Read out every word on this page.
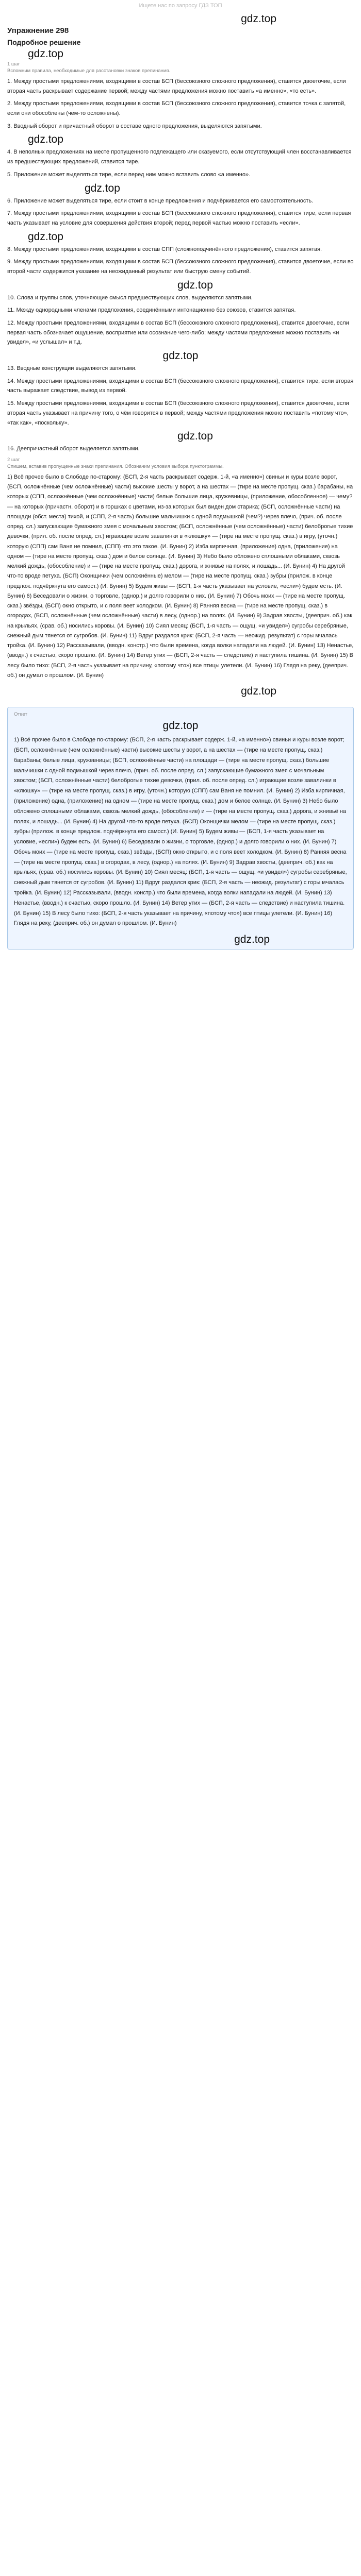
Ищете нас по запросу ГДЗ ТОП
gdz.top
Упражнение 298
Подробное решение
gdz.top
1 шаг
Вспомним правила, необходимые для расстановки знаков препинания.
1. Между простыми предложениями, входящими в состав БСП (бессоюзного сложного предложения), ставится двоеточие, если вторая часть раскрывает содержание первой; между частями предложения можно поставить «а именно», «то есть».
2. Между простыми предложениями, входящими в состав БСП (бессоюзного сложного предложения), ставится точка с запятой, если они обособлены (чем-то осложнены).
3. Вводный оборот и причастный оборот в составе одного предложения, выделяются запятыми.
gdz.top
4. В неполных предложениях на месте пропущенного подлежащего или сказуемого, если отсутствующий член восстанавливается из предшествующих предложений, ставится тире.
5. Приложение может выделяться тире, если перед ним можно вставить слово «а именно».
gdz.top
6. Приложение может выделяться тире, если стоит в конце предложения и подчёркивается его самостоятельность.
7. Между простыми предложениями, входящими в состав БСП (бессоюзного сложного предложения), ставится тире, если первая часть указывает на условие для совершения действия второй; перед первой частью можно поставить «если».
gdz.top
8. Между простыми предложениями, входящими в состав СПП (сложноподчинённого предложения), ставится запятая.
9. Между простыми предложениями, входящими в состав БСП (бессоюзного сложного предложения), ставится двоеточие, если во второй части содержится указание на неожиданный результат или быструю смену событий.
gdz.top
10. Слова и группы слов, уточняющие смысл предшествующих слов, выделяются запятыми.
11. Между однородными членами предложения, соединёнными интонационно без союзов, ставится запятая.
12. Между простыми предложениями, входящими в состав БСП (бессоюзного сложного предложения), ставится двоеточие, если первая часть обозначает ощущение, восприятие или осознание чего-либо; между частями предложения можно поставить «и увидел», «и услышал» и т.д.
gdz.top
13. Вводные конструкции выделяются запятыми.
14. Между простыми предложениями, входящими в состав БСП (бессоюзного сложного предложения), ставится тире, если вторая часть выражает следствие, вывод из первой.
15. Между простыми предложениями, входящими в состав БСП (бессоюзного сложного предложения), ставится двоеточие, если вторая часть указывает на причину того, о чём говорится в первой; между частями предложения можно поставить «потому что», «так как», «поскольку».
gdz.top
16. Деепричастный оборот выделяется запятыми.
2 шаг
Спишем, вставив пропущенные знаки препинания. Обозначим условия выбора пунктограммы.
1) Всё прочее было в Слободе по-старому: (БСП, 2-я часть раскрывает содерж. 1-й, «а именно») свиньи и куры возле ворот, (БСП, осложнённые (чем осложнённые) части) высокие шесты у ворот, а на шестах — (тире на месте пропущ. сказ.) барабаны, на которых (СПП, осложнённые (чем осложнённые) части) белые большие лица, кружевницы, (приложение, обособленное) — чему? — на которых (причастн. оборот) и в горшках с цветами, из-за которых был виден дом старика; (БСП, осложнённые части) на площади (обст. места) тихой, и (СПП, 2-я часть) большие мальчишки с одной подмышкой (чем?) через плечо, (прич. об. после опред. сл.) запускающие бумажного змея с мочальным хвостом; (БСП, осложнённые (чем осложнённые) части) белоброгые тихие девочки, (прил. об. после опред. сл.) играющие возле завалинки в «клюшку» — (тире на месте пропущ. сказ.) в игру, (уточн.) которую (СПП) сам Ваня не помнил, (СПП) что это такое. (И. Бунин) 2) Изба кирпичная, (приложение) одна, (приложение) на одном — (тире на месте пропущ. сказ.) дом и белое солнце. (И. Бунин) 3) Небо было обложено сплошными облаками, сквозь мелкий дождь, (обособление) и — (тире на месте пропущ. сказ.) дорога, и жнивьё на полях, и лошадь... (И. Бунин) 4) На другой что-то вроде петуха. (БСП) Оконщички (чем осложнённые) мелом — (тире на месте пропущ. сказ.) зубры (прилож. в конце предлож. подчёркнута его самост.) (И. Бунин) 5) Будем живы — (БСП, 1-я часть указывает на условие, «если») будем есть. (И. Бунин) 6) Беседовали о жизни, о торговле, (однор.) и долго говорили о них. (И. Бунин) 7) Обочь моих — (тире на месте пропущ. сказ.) звёзды, (БСП) окно открыто, и с поля веет холодком. (И. Бунин) 8) Ранняя весна — (тире на месте пропущ. сказ.) в огородах, (БСП, осложнённые (чем осложнённые) части) в лесу, (однор.) на полях. (И. Бунин) 9) Задрав хвосты, (дееприч. об.) как на крыльях, (срав. об.) носились коровы. (И. Бунин) 10) Сиял месяц: (БСП, 1-я часть — ощущ. «и увидел») сугробы серебряные, снежный дым тянется от сугробов. (И. Бунин) 11) Вдруг раздался крик: (БСП, 2-я часть — неожид. результат) с горы мчалась тройка. (И. Бунин) 12) Рассказывали, (вводн. констр.) что были времена, когда волки нападали на людей. (И. Бунин) 13) Ненастье, (вводн.) к счастью, скоро прошло. (И. Бунин) 14) Ветер утих — (БСП, 2-я часть — следствие) и наступила тишина. (И. Бунин) 15) В лесу было тихо: (БСП, 2-я часть указывает на причину, «потому что») все птицы улетели. (И. Бунин) 16) Глядя на реку, (дееприч. об.) он думал о прошлом. (И. Бунин)
gdz.top
Ответ
gdz.top
1) Всё прочее было в Слободе по-старому: (БСП, 2-я часть раскрывает содерж. 1-й, «а именно») свиньи и куры возле ворот; (БСП, осложнённые (чем осложнённые) части) высокие шесты у ворот, а на шестах — (тире на месте пропущ. сказ.) барабаны; белые лица, кружевницы; (БСП, осложнённые части) на площади — (тире на месте пропущ. сказ.) большие мальчишки с одной подмышкой через плечо, (прич. об. после опред. сл.) запускающие бумажного змея с мочальным хвостом; (БСП, осложнённые части) белоброгые тихие девочки, (прил. об. после опред. сл.) играющие возле завалинки в «клюшку» — (тире на месте пропущ. сказ.) в игру, (уточн.) которую (СПП) сам Ваня не помнил. (И. Бунин) 2) Изба кирпичная, (приложение) одна, (приложение) на одном — (тире на месте пропущ. сказ.) дом и белое солнце. (И. Бунин) 3) Небо было обложено сплошными облаками, сквозь мелкий дождь, (обособление) и — (тире на месте пропущ. сказ.) дорога, и жнивьё на полях, и лошадь... (И. Бунин) 4) На другой что-то вроде петуха. (БСП) Оконщички мелом — (тире на месте пропущ. сказ.) зубры (прилож. в конце предлож. подчёркнута его самост.) (И. Бунин) 5) Будем живы — (БСП, 1-я часть указывает на условие, «если») будем есть. (И. Бунин) 6) Беседовали о жизни, о торговле, (однор.) и долго говорили о них. (И. Бунин) 7) Обочь моих — (тире на месте пропущ. сказ.) звёзды, (БСП) окно открыто, и с поля веет холодком. (И. Бунин) 8) Ранняя весна — (тире на месте пропущ. сказ.) в огородах, в лесу, (однор.) на полях. (И. Бунин) 9) Задрав хвосты, (дееприч. об.) как на крыльях, (срав. об.) носились коровы. (И. Бунин) 10) Сиял месяц: (БСП, 1-я часть — ощущ. «и увидел») сугробы серебряные, снежный дым тянется от сугробов. (И. Бунин) 11) Вдруг раздался крик: (БСП, 2-я часть — неожид. результат) с горы мчалась тройка. (И. Бунин) 12) Рассказывали, (вводн. констр.) что были времена, когда волки нападали на людей. (И. Бунин) 13) Ненастье, (вводн.) к счастью, скоро прошло. (И. Бунин) 14) Ветер утих — (БСП, 2-я часть — следствие) и наступила тишина. (И. Бунин) 15) В лесу было тихо: (БСП, 2-я часть указывает на причину, «потому что») все птицы улетели. (И. Бунин) 16) Глядя на реку, (дееприч. об.) он думал о прошлом. (И. Бунин)
gdz.top
